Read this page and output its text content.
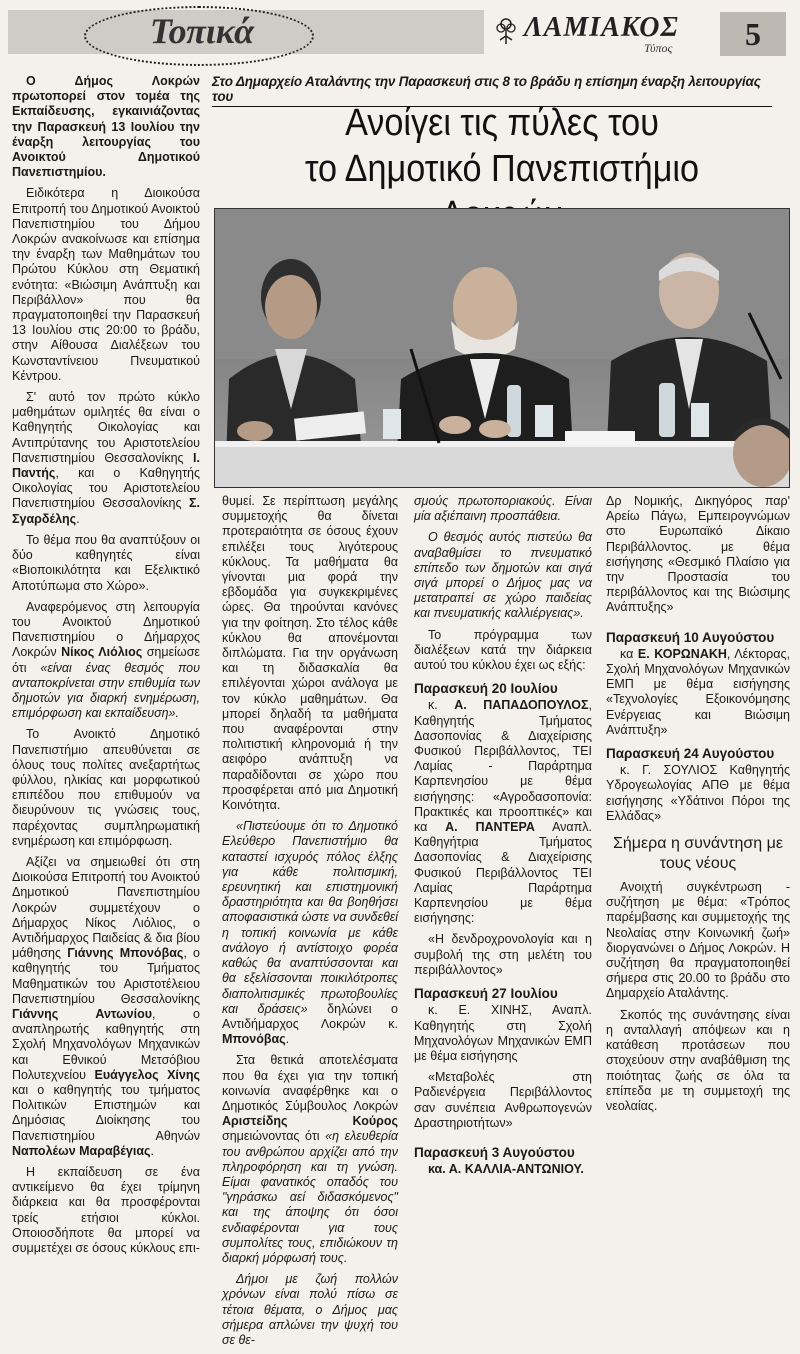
Τοπικά	ΛΑΜΙΑΚΟΣ
Τύπος	5
Στο Δημαρχείο Αταλάντης την Παρασκευή στις 8 το βράδυ η επίσημη έναρξη λειτουργίας του
Ανοίγει τις πύλες του
το Δημοτικό Πανεπιστήμιο

Ο Δήμος Λοκρών πρωτοπορεί στον τομέα της Εκπαίδευσης, εγκαινιάζοντας την Παρασκευή 13 Ιουλίου την έναρξη λειτουργίας του Ανοικτού Δημοτικού Πανεπιστημίου.

Ειδικότερα η Διοικούσα Επιτροπή του Δημοτικού Ανοικτού Πανεπιστημίου του Δήμου Λοκρών ανακοίνωσε και επίσημα την έναρξη των Μαθημάτων του Πρώτου Κύκλου στη Θεματική ενότητα: «Βιώσιμη Ανάπτυξη και Περιβάλλον» που θα πραγματοποιηθεί την Παρασκευή 13 Ιουλίου στις 20:00 το βράδυ, στην Αίθουσα Διαλέξεων του Κωνσταντίνειου Πνευματικού Κέντρου.

Σ' αυτό τον πρώτο κύκλο μαθημάτων ομιλητές θα είναι ο Καθηγητής Οικολογίας και Αντιπρύτανης του Αριστοτελείου Πανεπιστημίου Θεσσαλονίκης Ι. Παντής, και ο Καθηγητής Οικολογίας του Αριστοτελείου Πανεπιστημίου Θεσσαλονίκης Σ. Σγαρδέλης.

Το θέμα που θα αναπτύξουν οι δύο καθηγητές είναι «Βιοποικιλότητα και Εξελικτικό Αποτύπωμα στο Χώρο».

Αναφερόμενος στη λειτουργία του Ανοικτού Δημοτικού Πανεπιστημίου ο Δήμαρχος Λοκρών Νίκος Λιόλιος σημείωσε ότι «είναι ένας θεσμός που ανταποκρίνεται στην επιθυμία των δημοτών για διαρκή ενημέρωση, επιμόρφωση και εκπαίδευση».

Το Ανοικτό Δημοτικό Πανεπιστήμιο απευθύνεται σε όλους τους πολίτες ανεξαρτήτως φύλλου, ηλικίας και μορφωτικού επιπέδου που επιθυμούν να διευρύνουν τις γνώσεις τους, παρέχοντας συμπληρωματική ενημέρωση και επιμόρφωση.

Αξίζει να σημειωθεί ότι στη Διοικούσα Επιτροπή του Ανοικτού Δημοτικού Πανεπιστημίου Λοκρών συμμετέχουν ο Δήμαρχος Νίκος Λιόλιος, ο Αντιδήμαρχος Παιδείας & δια βίου μάθησης Γιάννης Μπονόβας, ο καθηγητής του Τμήματος Μαθηματικών του Αριστοτέλειου Πανεπιστημίου Θεσσαλονίκης Γιάννης Αντωνίου, ο αναπληρωτής καθηγητής στη Σχολή Μηχανολόγων Μηχανικών και Εθνικού Μετσόβιου Πολυτεχνείου Ευάγγελος Χίνης και ο καθηγητής του τμήματος Πολιτικών Επιστημών και Δημόσιας Διοίκησης του Πανεπιστημίου Αθηνών Ναπολέων Μαραβέγιας.

Η εκπαίδευση σε ένα αντικείμενο θα έχει τρίμηνη διάρκεια και θα προσφέρονται τρείς ετήσιοι κύκλοι. Οποιοσδήποτε θα μπορεί να συμμετέχει σε όσους κύκλους επι-

θυμεί. Σε περίπτωση μεγάλης συμμετοχής θα δίνεται προτεραιότητα σε όσους έχουν επιλέξει τους λιγότερους κύκλους. Τα μαθήματα θα γίνονται μια φορά την εβδομάδα για συγκεκριμένες ώρες. Θα τηρούνται κανόνες για την φοίτηση. Στο τέλος κάθε κύκλου θα απονέμονται διπλώματα. Για την οργάνωση και τη διδασκαλία θα επιλέγονται χώροι ανάλογα με τον κύκλο μαθημάτων. Θα μπορεί δηλαδή τα μαθήματα που αναφέρονται στην πολιτιστική κληρονομιά ή την αειφόρο ανάπτυξη να παραδίδονται σε χώρο που προσφέρεται από μια Δημοτική Κοινότητα.

«Πιστεύουμε ότι το Δημοτικό Ελεύθερο Πανεπιστήμιο θα καταστεί ισχυρός πόλος έλξης για κάθε πολιτισμική, ερευνητική και επιστημονική δραστηριότητα και θα βοηθήσει αποφασιστικά ώστε να συνδεθεί η τοπική κοινωνία με κάθε ανάλογο ή αντίστοιχο φορέα καθώς θα αναπτύσσονται και θα εξελίσσονται ποικιλότροπες διαπολιτισμικές πρωτοβουλίες και δράσεις» δηλώνει ο Αντιδήμαρχος Λοκρών κ. Μπονόβας.

Στα θετικά αποτελέσματα που θα έχει για την τοπική κοινωνία αναφέρθηκε και ο Δημοτικός Σύμβουλος Λοκρών Αριστείδης Κούρος σημειώνοντας ότι «η ελευθερία του ανθρώπου αρχίζει από την πληροφόρηση και τη γνώση. Είμαι φανατικός οπαδός του "γηράσκω αεί διδασκόμενος" και της άποψης ότι όσοι ενδιαφέρονται για τους συμπολίτες τους, επιδιώκουν τη διαρκή μόρφωσή τους.

Δήμοι με ζωή πολλών χρόνων είναι πολύ πίσω σε τέτοια θέματα, ο Δήμος μας σήμερα απλώνει την ψυχή του σε θε-

σμούς πρωτοποριακούς. Είναι μία αξιέπαινη προσπάθεια.

Ο θεσμός αυτός πιστεύω θα αναβαθμίσει το πνευματικό επίπεδο των δημοτών και σιγά σιγά μπορεί ο Δήμος μας να μετατραπεί σε χώρο παιδείας και πνευματικής καλλιέργειας».

Το πρόγραμμα των διαλέξεων κατά την διάρκεια αυτού του κύκλου έχει ως εξής:

Παρασκευή 20 Ιουλίου

κ. Α. ΠΑΠΑΔΟΠΟΥΛΟΣ, Καθηγητής Τμήματος Δασοπονίας & Διαχείρισης Φυσικού Περιβάλλοντος, ΤΕΙ Λαμίας - Παράρτημα Καρπενησίου με θέμα εισήγησης: «Αγροδασοπονία: Πρακτικές και προοπτικές» και κα Α. ΠΑΝΤΕΡΑ Αναπλ. Καθηγήτρια Τμήματος Δασοπονίας & Διαχείρισης Φυσικού Περιβάλλοντος ΤΕΙ Λαμίας Παράρτημα Καρπενησίου με θέμα εισήγησης:

«Η δενδροχρονολογία και η συμβολή της στη μελέτη του περιβάλλοντος»

Παρασκευή 27 Ιουλίου

κ. Ε. ΧΙΝΗΣ, Αναπλ. Καθηγητής στη Σχολή Μηχανολόγων Μηχανικών ΕΜΠ με θέμα εισήγησης

«Μεταβολές στη Ραδιενέργεια Περιβάλλοντος σαν συνέπεια Ανθρωπογενών Δραστηριοτήτων»

Παρασκευή 3 Αυγούστου

κα. Α. ΚΑΛΛΙΑ-ΑΝΤΩΝΙΟΥ.

Δρ Νομικής, Δικηγόρος παρ' Αρείω Πάγω, Εμπειρογνώμων στο Ευρωπαϊκό Δίκαιο Περιβάλλοντος. με θέμα εισήγησης «Θεσμικό Πλαίσιο για την Προστασία του περιβάλλοντος και της Βιώσιμης Ανάπτυξης»

Παρασκευή 10 Αυγούστου

κα Ε. ΚΟΡΩΝΑΚΗ, Λέκτορας, Σχολή Μηχανολόγων Μηχανικών ΕΜΠ με θέμα εισήγησης «Τεχνολογίες Εξοικονόμησης Ενέργειας και Βιώσιμη Ανάπτυξη»

Παρασκευή 24 Αυγούστου

κ. Γ. ΣΟΥΛΙΟΣ Καθηγητής Υδρογεωλογίας ΑΠΘ με θέμα εισήγησης «Υδάτινοι Πόροι της Ελλάδας»

Σήμερα η συνάντηση με τους νέους

Ανοιχτή συγκέντρωση - συζήτηση με θέμα: «Τρόπος παρέμβασης και συμμετοχής της Νεολαίας στην Κοινωνική ζωή» διοργανώνει ο Δήμος Λοκρών. Η συζήτηση θα πραγματοποιηθεί σήμερα στις 20.00 το βράδυ στο Δημαρχείο Αταλάντης.

Σκοπός της συνάντησης είναι η ανταλλαγή απόψεων και η κατάθεση προτάσεων που στοχεύουν στην αναβάθμιση της ποιότητας ζωής σε όλα τα επίπεδα με τη συμμετοχή της νεολαίας.
